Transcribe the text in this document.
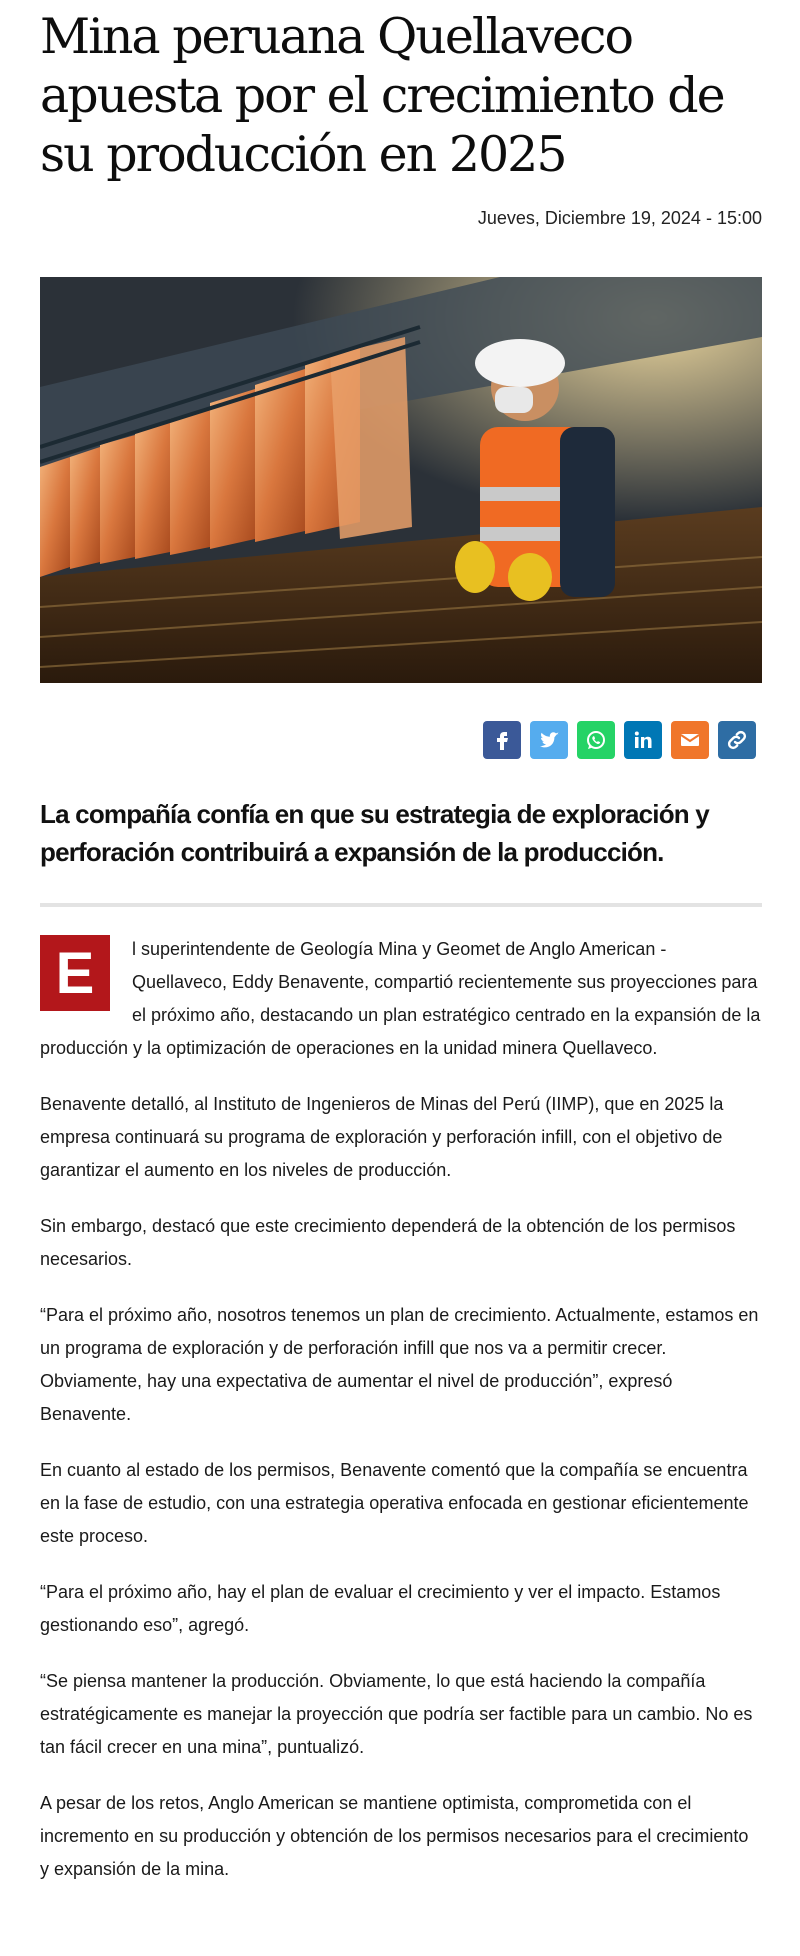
Mina peruana Quellaveco apuesta por el crecimiento de su producción en 2025
Jueves, Diciembre 19, 2024 - 15:00
La compañía confía en que su estrategia de exploración y perforación contribuirá a expansión de la producción.

E	l superintendente de Geología Mina y Geomet de Anglo American - Quellaveco, Eddy Benavente, compartió recientemente sus proyecciones para el próximo año, destacando un plan estratégico centrado en la expansión de la producción y la optimización de operaciones en la unidad minera Quellaveco.

Benavente detalló, al Instituto de Ingenieros de Minas del Perú (IIMP), que en 2025 la empresa continuará su programa de exploración y perforación infill, con el objetivo de garantizar el aumento en los niveles de producción.

Sin embargo, destacó que este crecimiento dependerá de la obtención de los permisos necesarios.

“Para el próximo año, nosotros tenemos un plan de crecimiento. Actualmente, estamos en un programa de exploración y de perforación infill que nos va a permitir crecer. Obviamente, hay una expectativa de aumentar el nivel de producción”, expresó Benavente.

En cuanto al estado de los permisos, Benavente comentó que la compañía se encuentra en la fase de estudio, con una estrategia operativa enfocada en gestionar eficientemente este proceso.

“Para el próximo año, hay el plan de evaluar el crecimiento y ver el impacto. Estamos gestionando eso”, agregó.

“Se piensa mantener la producción. Obviamente, lo que está haciendo la compañía estratégicamente es manejar la proyección que podría ser factible para un cambio. No es tan fácil crecer en una mina”, puntualizó.

A pesar de los retos, Anglo American se mantiene optimista, comprometida con el incremento en su producción y obtención de los permisos necesarios para el crecimiento y expansión de la mina.
